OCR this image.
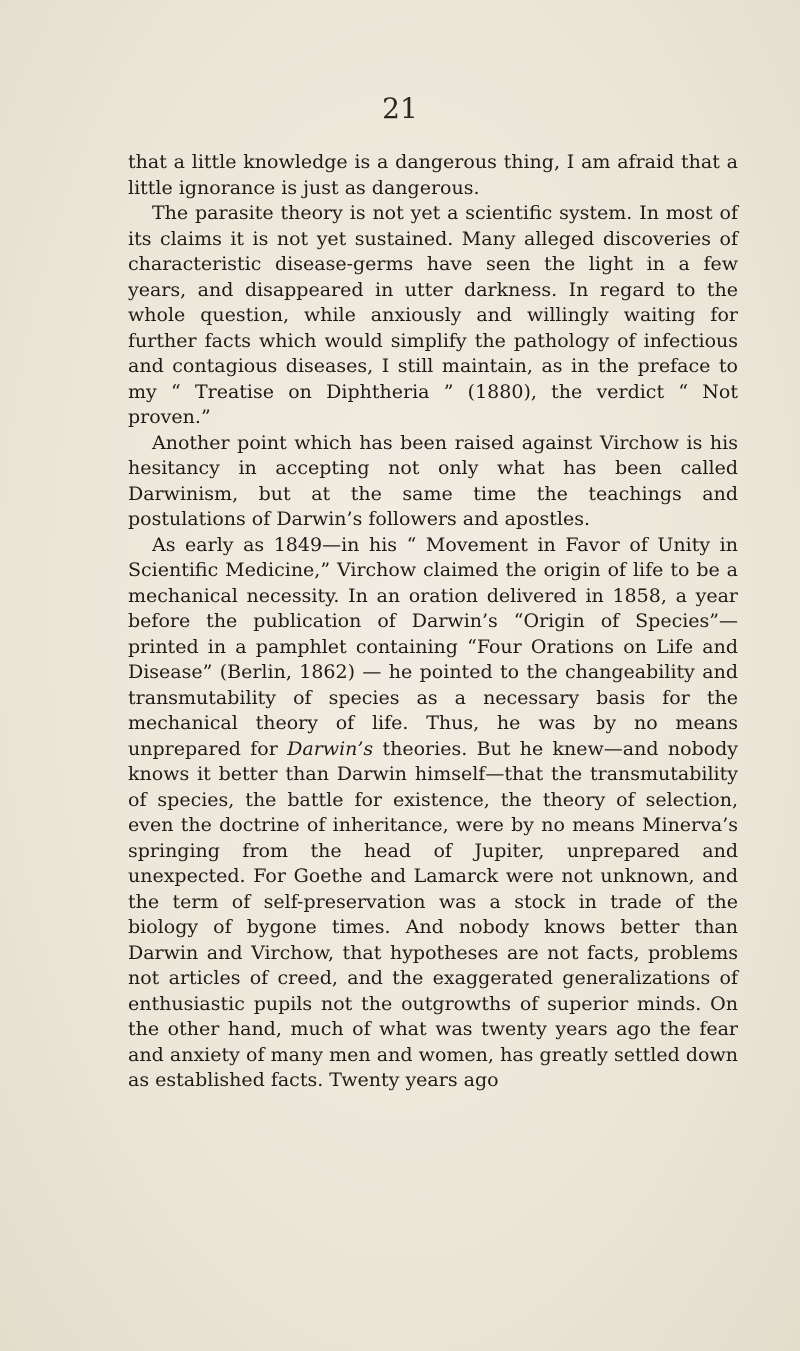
21

that a little knowledge is a dangerous thing, I am afraid that a little ignorance is just as dangerous.

The parasite theory is not yet a scientific system. In most of its claims it is not yet sustained. Many alleged discoveries of characteristic disease-germs have seen the light in a few years, and disappeared in utter darkness. In regard to the whole question, while anxiously and willingly waiting for further facts which would simplify the pathology of infectious and contagious diseases, I still maintain, as in the preface to my “ Treatise on Diphtheria ” (1880), the verdict “ Not proven.”

Another point which has been raised against Virchow is his hesitancy in accepting not only what has been called Darwinism, but at the same time the teachings and postulations of Darwin’s followers and apostles.

As early as 1849—in his “ Movement in Favor of Unity in Scientific Medicine,” Virchow claimed the origin of life to be a mechanical necessity. In an oration delivered in 1858, a year before the publication of Darwin’s “Origin of Species”—printed in a pamphlet containing “Four Orations on Life and Disease” (Berlin, 1862) — he pointed to the changeability and transmutability of species as a necessary basis for the mechanical theory of life. Thus, he was by no means unprepared for Darwin’s theories. But he knew—and nobody knows it better than Darwin himself—that the transmutability of species, the battle for existence, the theory of selection, even the doctrine of inheritance, were by no means Minerva’s springing from the head of Jupiter, unprepared and unexpected. For Goethe and Lamarck were not unknown, and the term of self-preservation was a stock in trade of the biology of bygone times. And nobody knows better than Darwin and Virchow, that hypotheses are not facts, problems not articles of creed, and the exaggerated generalizations of enthusiastic pupils not the outgrowths of superior minds. On the other hand, much of what was twenty years ago the fear and anxiety of many men and women, has greatly settled down as established facts. Twenty years ago
